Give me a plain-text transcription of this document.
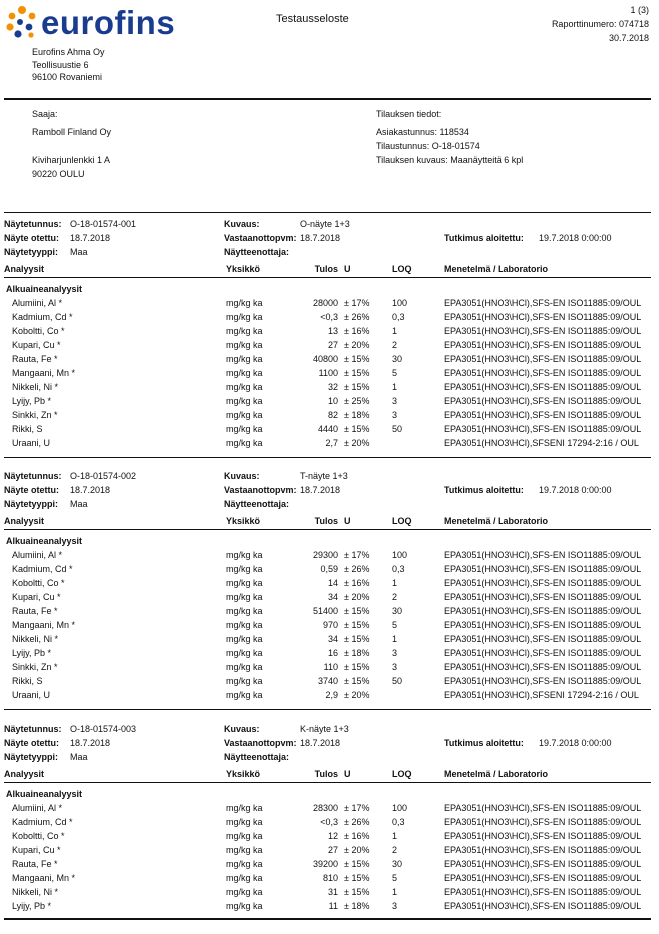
eurofins	Testausseloste
1 (3)
Raporttinumero: 074718
30.7.2018
Eurofins Ahma Oy
Teollisuustie 6
96100 Rovaniemi
Saaja:
Ramboll Finland Oy
Kiviharjunlenkki 1 A
90220 OULU
Tilauksen tiedot:
Asiakastunnus: 118534
Tilaustunnus: O-18-01574
Tilauksen kuvaus: Maanäytteitä 6 kpl
Näytetunnus: O-18-01574-001	Kuvaus:	O-näyte 1+3
Näyte otettu: 18.7.2018	Vastaanottopvm: 18.7.2018	Tutkimus aloitettu: 19.7.2018 0:00:00
Näytetyyppi: Maa	Näytteenottaja:
Analyysit	Yksikkö	Tulos U	LOQ	Menetelmä / Laboratorio
Alkuaineanalyysit
Alumiini, Al *	mg/kg ka	28000 ± 17%	100	EPA3051(HNO3\HCl),SFS-EN ISO11885:09/OUL
Kadmium, Cd *	mg/kg ka	<0,3 ± 26%	0,3	EPA3051(HNO3\HCl),SFS-EN ISO11885:09/OUL
Koboltti, Co *	mg/kg ka	13 ± 16%	1	EPA3051(HNO3\HCl),SFS-EN ISO11885:09/OUL
Kupari, Cu *	mg/kg ka	27 ± 20%	2	EPA3051(HNO3\HCl),SFS-EN ISO11885:09/OUL
Rauta, Fe *	mg/kg ka	40800 ± 15%	30	EPA3051(HNO3\HCl),SFS-EN ISO11885:09/OUL
Mangaani, Mn *	mg/kg ka	1100 ± 15%	5	EPA3051(HNO3\HCl),SFS-EN ISO11885:09/OUL
Nikkeli, Ni *	mg/kg ka	32 ± 15%	1	EPA3051(HNO3\HCl),SFS-EN ISO11885:09/OUL
Lyijy, Pb *	mg/kg ka	10 ± 25%	3	EPA3051(HNO3\HCl),SFS-EN ISO11885:09/OUL
Sinkki, Zn *	mg/kg ka	82 ± 18%	3	EPA3051(HNO3\HCl),SFS-EN ISO11885:09/OUL
Rikki, S	mg/kg ka	4440 ± 15%	50	EPA3051(HNO3\HCl),SFS-EN ISO11885:09/OUL
Uraani, U	mg/kg ka	2,7 ± 20%	EPA3051(HNO3\HCl),SFSENI 17294-2:16 / OUL
Näytetunnus: O-18-01574-002	Kuvaus:	T-näyte 1+3
Näyte otettu: 18.7.2018	Vastaanottopvm: 18.7.2018	Tutkimus aloitettu: 19.7.2018 0:00:00
Näytetyyppi: Maa	Näytteenottaja:
Analyysit	Yksikkö	Tulos U	LOQ	Menetelmä / Laboratorio
Alkuaineanalyysit
Alumiini, Al *	mg/kg ka	29300 ± 17%	100	EPA3051(HNO3\HCl),SFS-EN ISO11885:09/OUL
Kadmium, Cd *	mg/kg ka	0,59 ± 26%	0,3	EPA3051(HNO3\HCl),SFS-EN ISO11885:09/OUL
Koboltti, Co *	mg/kg ka	14 ± 16%	1	EPA3051(HNO3\HCl),SFS-EN ISO11885:09/OUL
Kupari, Cu *	mg/kg ka	34 ± 20%	2	EPA3051(HNO3\HCl),SFS-EN ISO11885:09/OUL
Rauta, Fe *	mg/kg ka	51400 ± 15%	30	EPA3051(HNO3\HCl),SFS-EN ISO11885:09/OUL
Mangaani, Mn *	mg/kg ka	970 ± 15%	5	EPA3051(HNO3\HCl),SFS-EN ISO11885:09/OUL
Nikkeli, Ni *	mg/kg ka	34 ± 15%	1	EPA3051(HNO3\HCl),SFS-EN ISO11885:09/OUL
Lyijy, Pb *	mg/kg ka	16 ± 18%	3	EPA3051(HNO3\HCl),SFS-EN ISO11885:09/OUL
Sinkki, Zn *	mg/kg ka	110 ± 15%	3	EPA3051(HNO3\HCl),SFS-EN ISO11885:09/OUL
Rikki, S	mg/kg ka	3740 ± 15%	50	EPA3051(HNO3\HCl),SFS-EN ISO11885:09/OUL
Uraani, U	mg/kg ka	2,9 ± 20%	EPA3051(HNO3\HCl),SFSENI 17294-2:16 / OUL
Näytetunnus: O-18-01574-003	Kuvaus:	K-näyte 1+3
Näyte otettu: 18.7.2018	Vastaanottopvm: 18.7.2018	Tutkimus aloitettu: 19.7.2018 0:00:00
Näytetyyppi: Maa	Näytteenottaja:
Analyysit	Yksikkö	Tulos U	LOQ	Menetelmä / Laboratorio
Alkuaineanalyysit
Alumiini, Al *	mg/kg ka	28300 ± 17%	100	EPA3051(HNO3\HCl),SFS-EN ISO11885:09/OUL
Kadmium, Cd *	mg/kg ka	<0,3 ± 26%	0,3	EPA3051(HNO3\HCl),SFS-EN ISO11885:09/OUL
Koboltti, Co *	mg/kg ka	12 ± 16%	1	EPA3051(HNO3\HCl),SFS-EN ISO11885:09/OUL
Kupari, Cu *	mg/kg ka	27 ± 20%	2	EPA3051(HNO3\HCl),SFS-EN ISO11885:09/OUL
Rauta, Fe *	mg/kg ka	39200 ± 15%	30	EPA3051(HNO3\HCl),SFS-EN ISO11885:09/OUL
Mangaani, Mn *	mg/kg ka	810 ± 15%	5	EPA3051(HNO3\HCl),SFS-EN ISO11885:09/OUL
Nikkeli, Ni *	mg/kg ka	31 ± 15%	1	EPA3051(HNO3\HCl),SFS-EN ISO11885:09/OUL
Lyijy, Pb *	mg/kg ka	11 ± 18%	3	EPA3051(HNO3\HCl),SFS-EN ISO11885:09/OUL
